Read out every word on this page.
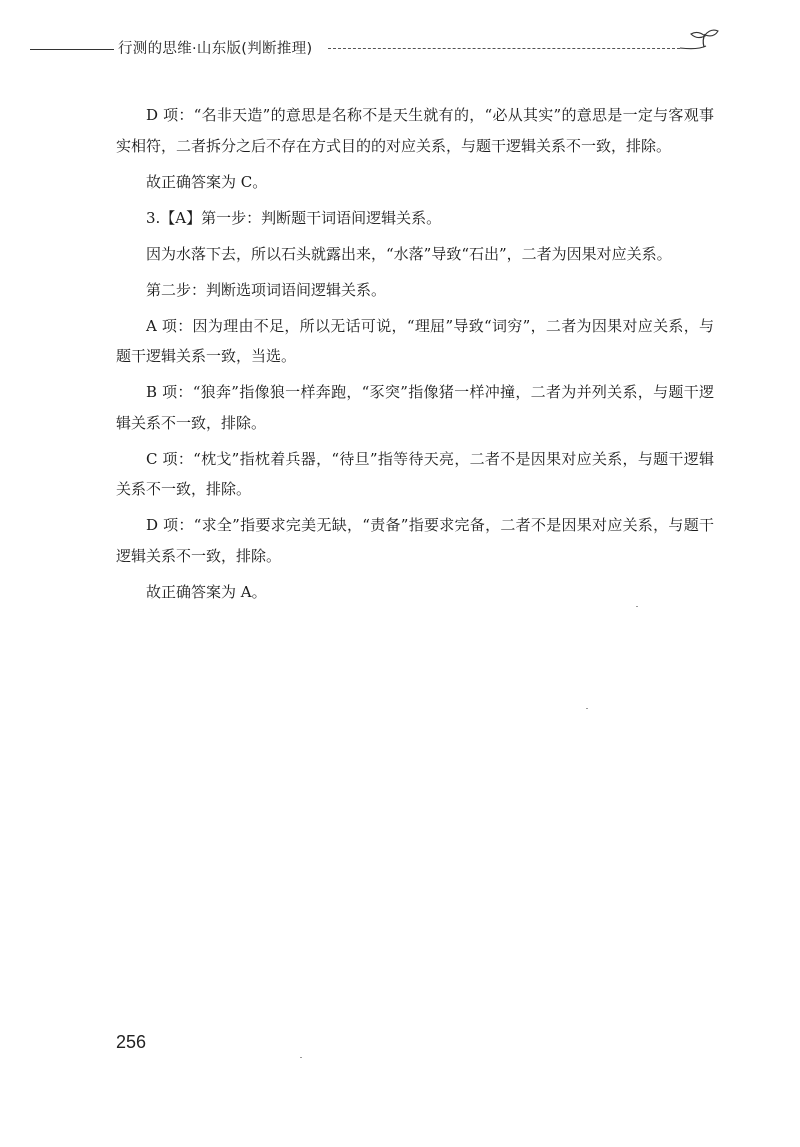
行测的思维·山东版(判断推理)

D 项：“名非天造”的意思是名称不是天生就有的，“必从其实”的意思是一定与客观事实相符，二者拆分之后不存在方式目的的对应关系，与题干逻辑关系不一致，排除。

故正确答案为 C。

3.【A】第一步：判断题干词语间逻辑关系。

因为水落下去，所以石头就露出来，“水落”导致“石出”，二者为因果对应关系。

第二步：判断选项词语间逻辑关系。

A 项：因为理由不足，所以无话可说，“理屈”导致“词穷”，二者为因果对应关系，与题干逻辑关系一致，当选。

B 项：“狼奔”指像狼一样奔跑，“豕突”指像猪一样冲撞，二者为并列关系，与题干逻辑关系不一致，排除。

C 项：“枕戈”指枕着兵器，“待旦”指等待天亮，二者不是因果对应关系，与题干逻辑关系不一致，排除。

D 项：“求全”指要求完美无缺，“责备”指要求完备，二者不是因果对应关系，与题干逻辑关系不一致，排除。

故正确答案为 A。

256
